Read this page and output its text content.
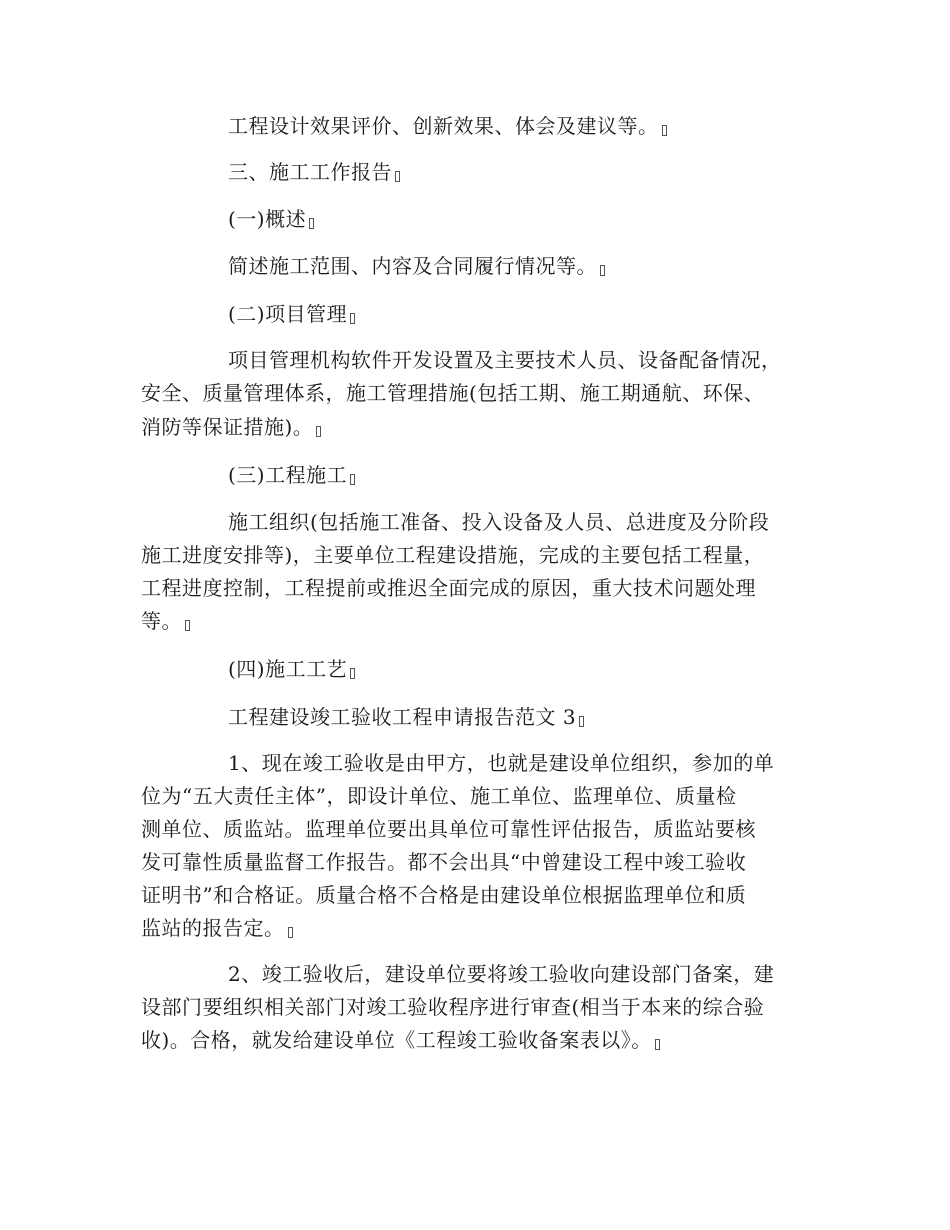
工程设计效果评价、创新效果、体会及建议等。
三、施工工作报告
(一)概述
简述施工范围、内容及合同履行情况等。
(二)项目管理
项目管理机构软件开发设置及主要技术人员、设备配备情况，
安全、质量管理体系，施工管理措施(包括工期、施工期通航、环保、
消防等保证措施)。
(三)工程施工
施工组织(包括施工准备、投入设备及人员、总进度及分阶段
施工进度安排等)，主要单位工程建设措施，完成的主要包括工程量，
工程进度控制，工程提前或推迟全面完成的原因，重大技术问题处理
等。
(四)施工工艺
工程建设竣工验收工程申请报告范文 3
1、现在竣工验收是由甲方，也就是建设单位组织，参加的单
位为“五大责任主体”，即设计单位、施工单位、监理单位、质量检
测单位、质监站。监理单位要出具单位可靠性评估报告，质监站要核
发可靠性质量监督工作报告。都不会出具“中曾建设工程中竣工验收
证明书”和合格证。质量合格不合格是由建设单位根据监理单位和质
监站的报告定。
2、竣工验收后，建设单位要将竣工验收向建设部门备案，建
设部门要组织相关部门对竣工验收程序进行审查(相当于本来的综合验
收)。合格，就发给建设单位《工程竣工验收备案表以》。
